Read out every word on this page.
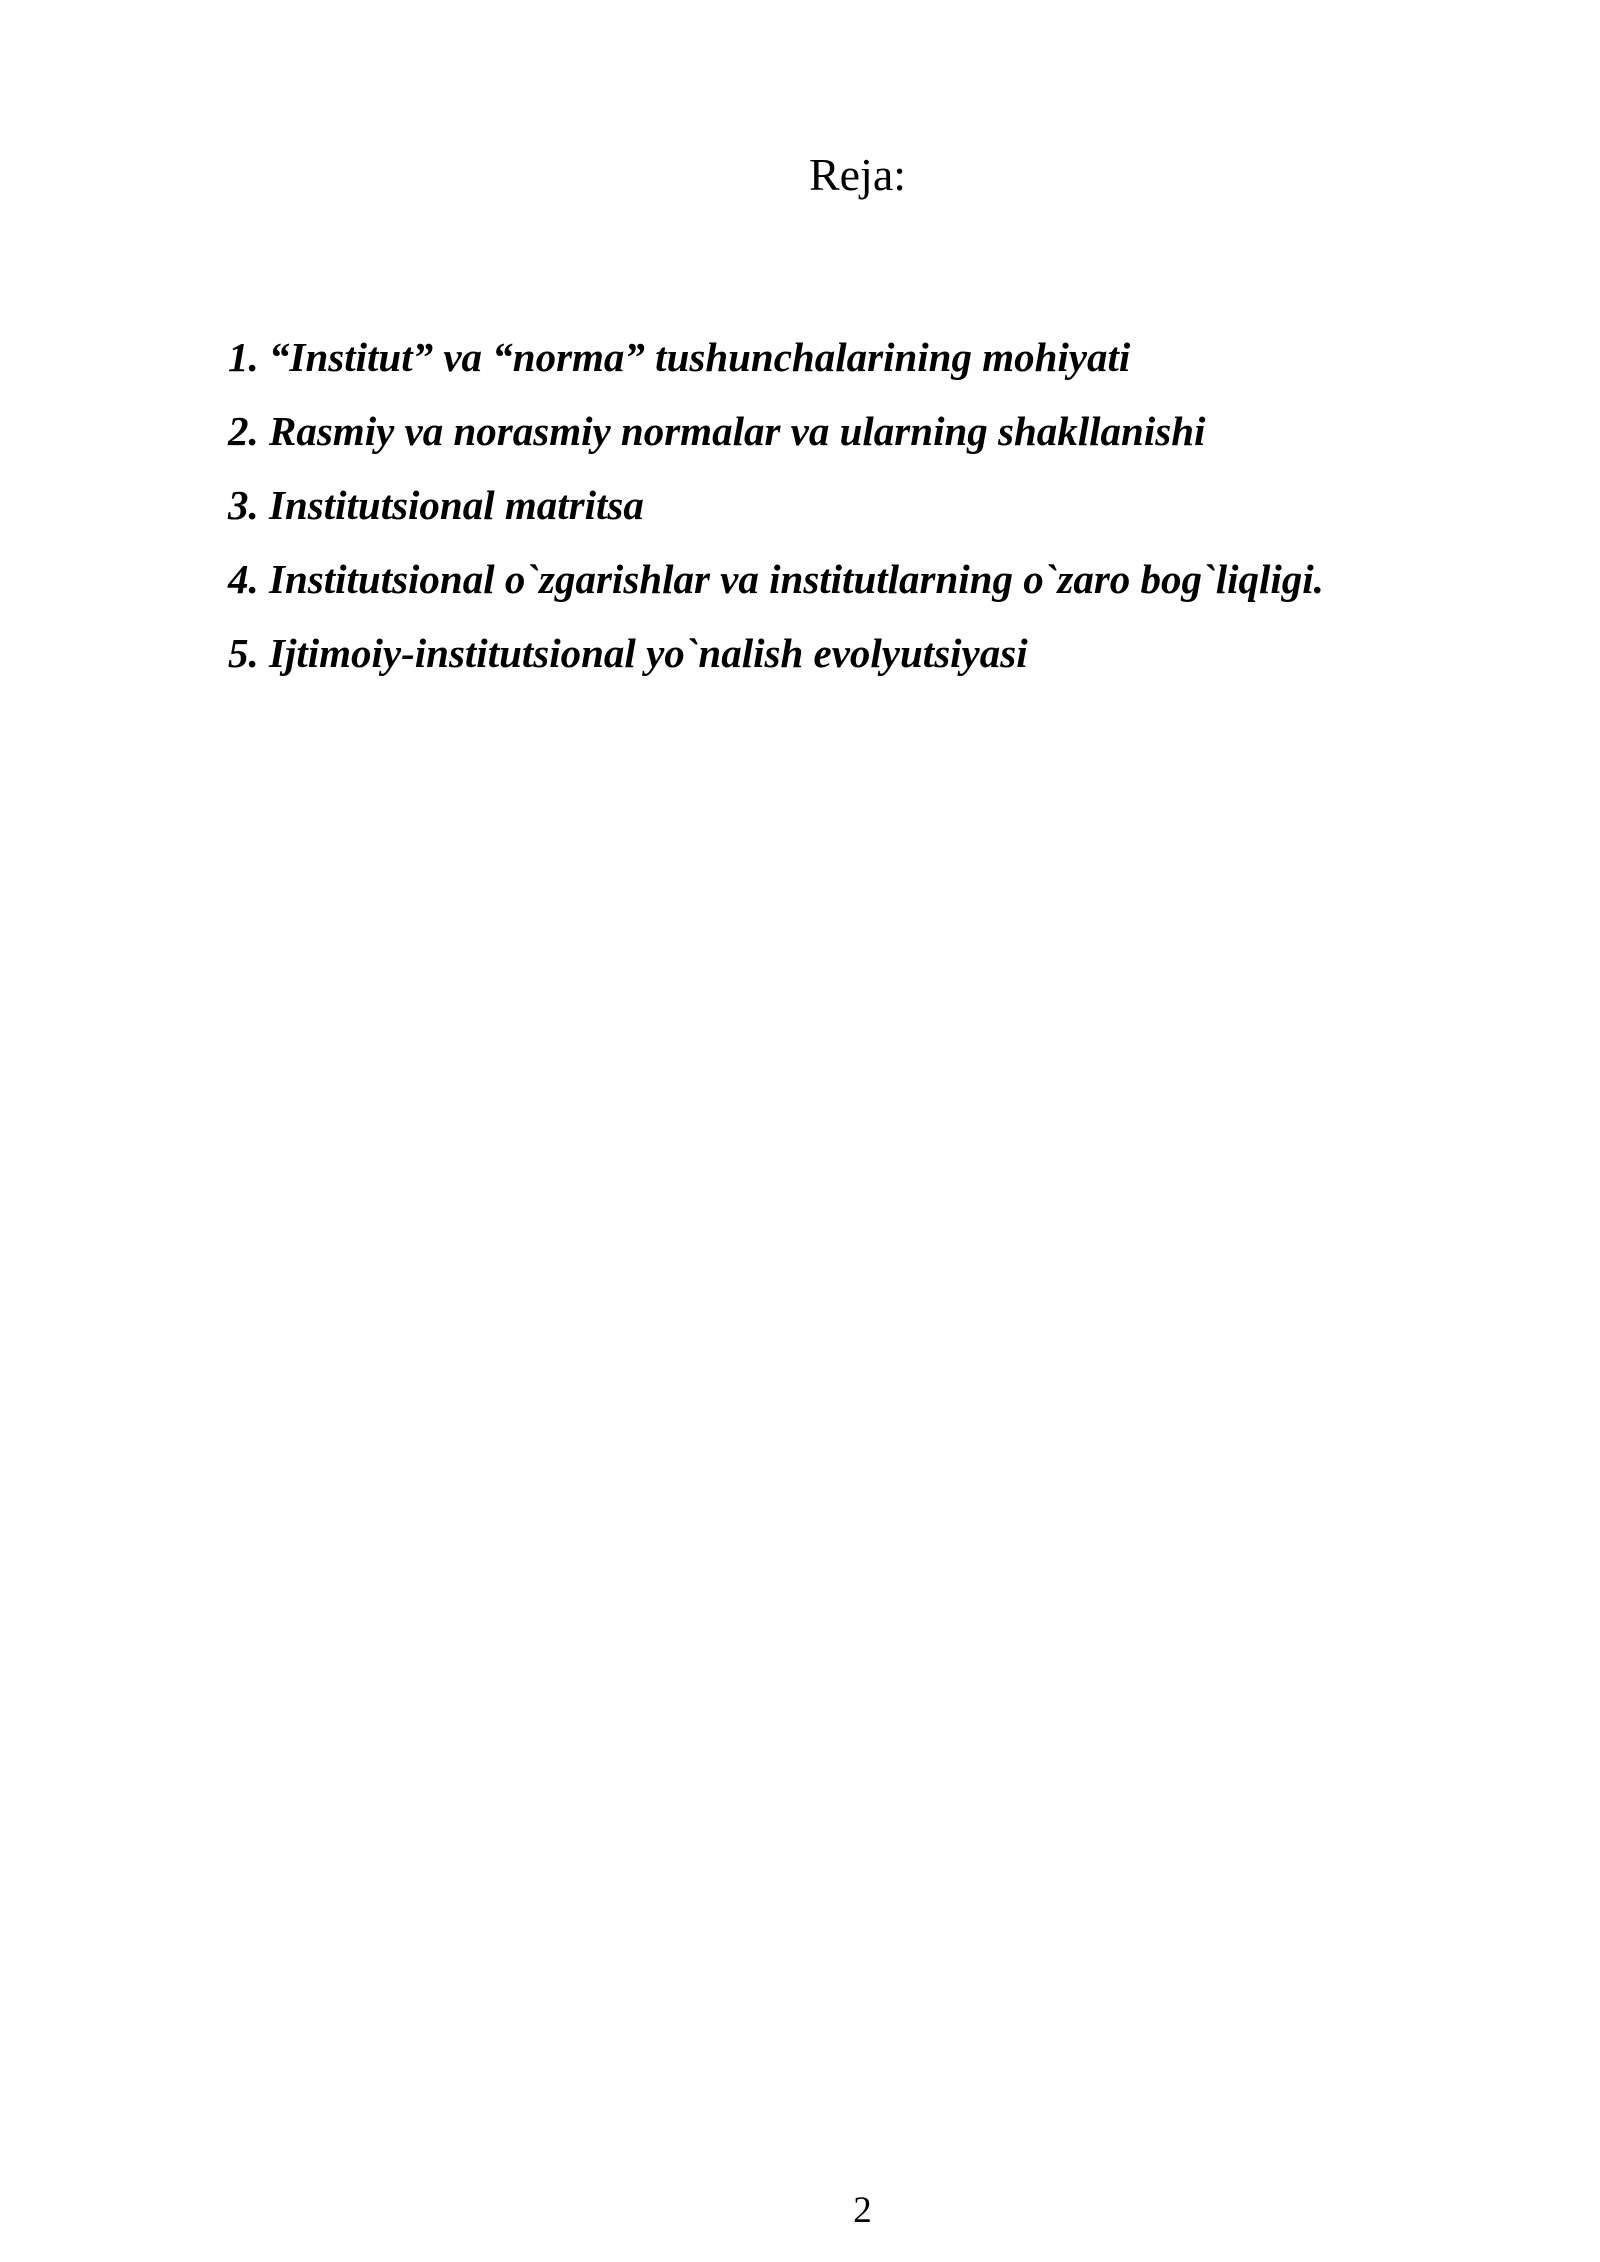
Reja:
1. “Institut” va “norma” tushunchalarining mohiyati
2. Rasmiy va norasmiy normalar va ularning shakllanishi
3. Institutsional matritsa
4. Institutsional o`zgarishlar va institutlarning o`zaro bog`liqligi.
5. Ijtimoiy-institutsional yo`nalish evolyutsiyasi
2
